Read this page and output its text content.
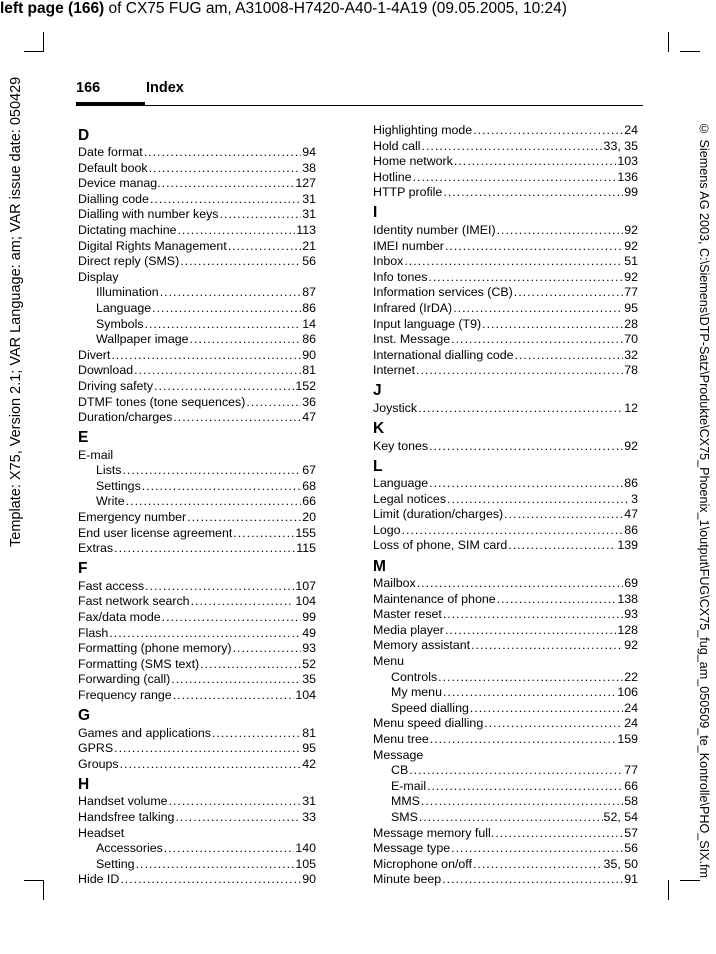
left page (166) of CX75 FUG am, A31008-H7420-A40-1-4A19 (09.05.2005, 10:24)
Template: X75, Version 2.1; VAR Language: am; VAR issue date: 050429	© Siemens AG 2003, C:\Siemens\DTP-Satz\Produkte\CX75_Phoenix_1\output\FUG\CX75_fug_am_050509_te_Kontrolle\PHO_SIX.fm
166	Index
D
Date format .....	94
Default book .....	38
Device manag. .....	127
Dialling code .....	31
Dialling with number keys .....	31
Dictating machine .....	113
Digital Rights Management .....	21
Direct reply (SMS) .....	56
Display
Illumination .....	87
Language .....	86
Symbols .....	14
Wallpaper image .....	86
Divert .....	90
Download .....	81
Driving safety .....	152
DTMF tones (tone sequences) .....	36
Duration/charges .....	47
E
E-mail
Lists .....	67
Settings .....	68
Write .....	66
Emergency number .....	20
End user license agreement .....	155
Extras .....	115
F
Fast access .....	107
Fast network search .....	104
Fax/data mode .....	99
Flash .....	49
Formatting (phone memory) .....	93
Formatting (SMS text) .....	52
Forwarding (call) .....	35
Frequency range .....	104
G
Games and applications .....	81
GPRS .....	95
Groups .....	42
H
Handset volume .....	31
Handsfree talking .....	33
Headset
Accessories .....	140
Setting .....	105
Hide ID .....	90
Highlighting mode .....	24
Hold call .....	33, 35
Home network .....	103
Hotline .....	136
HTTP profile .....	99
I
Identity number (IMEI) .....	92
IMEI number .....	92
Inbox .....	51
Info tones .....	92
Information services (CB) .....	77
Infrared (IrDA) .....	95
Input language (T9) .....	28
Inst. Message .....	70
International dialling code .....	32
Internet .....	78
J
Joystick .....	12
K
Key tones .....	92
L
Language .....	86
Legal notices .....	3
Limit (duration/charges) .....	47
Logo .....	86
Loss of phone, SIM card .....	139
M
Mailbox .....	69
Maintenance of phone .....	138
Master reset .....	93
Media player .....	128
Memory assistant .....	92
Menu
Controls .....	22
My menu .....	106
Speed dialling .....	24
Menu speed dialling .....	24
Menu tree .....	159
Message
CB .....	77
E-mail .....	66
MMS .....	58
SMS .....	52, 54
Message memory full. .....	57
Message type .....	56
Microphone on/off .....	35, 50
Minute beep .....	91
